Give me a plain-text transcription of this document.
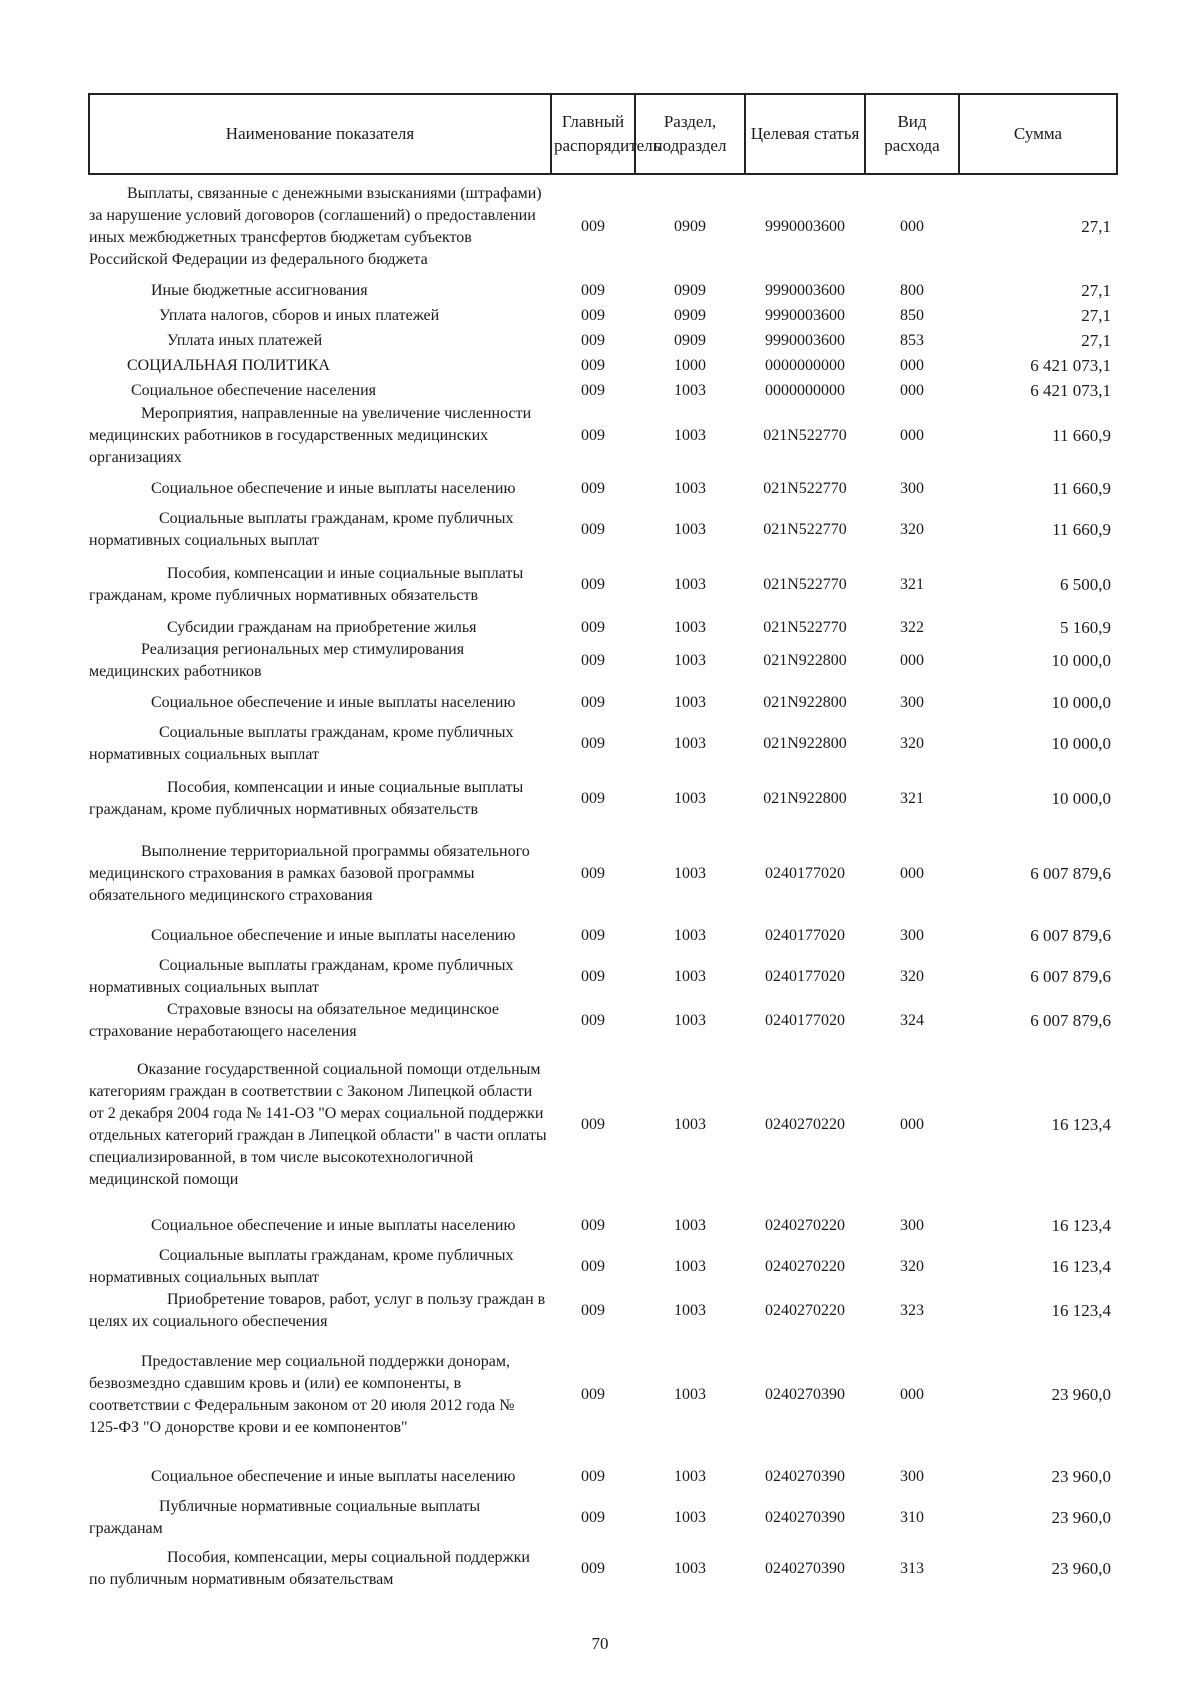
Наименование показателя	Главный распорядитель	Раздел, подраздел	Целевая статья	Вид расхода	Сумма
Выплаты, связанные с денежными взысканиями (штрафами) за нарушение условий договоров (соглашений) о предоставлении иных межбюджетных трансфертов бюджетам субъектов Российской Федерации из федерального бюджета	009	0909	9990003600	000	27,1
Иные бюджетные ассигнования	009	0909	9990003600	800	27,1
Уплата налогов, сборов и иных платежей	009	0909	9990003600	850	27,1
Уплата иных платежей	009	0909	9990003600	853	27,1
СОЦИАЛЬНАЯ ПОЛИТИКА	009	1000	0000000000	000	6 421 073,1
Социальное обеспечение населения	009	1003	0000000000	000	6 421 073,1
Мероприятия, направленные на увеличение численности медицинских работников в государственных медицинских организациях	009	1003	021N522770	000	11 660,9
Социальное обеспечение и иные выплаты населению	009	1003	021N522770	300	11 660,9
Социальные выплаты гражданам, кроме публичных нормативных социальных выплат	009	1003	021N522770	320	11 660,9
Пособия, компенсации и иные социальные выплаты гражданам, кроме публичных нормативных обязательств	009	1003	021N522770	321	6 500,0
Субсидии гражданам на приобретение жилья	009	1003	021N522770	322	5 160,9
Реализация региональных мер стимулирования медицинских работников	009	1003	021N922800	000	10 000,0
Социальное обеспечение и иные выплаты населению	009	1003	021N922800	300	10 000,0
Социальные выплаты гражданам, кроме публичных нормативных социальных выплат	009	1003	021N922800	320	10 000,0
Пособия, компенсации и иные социальные выплаты гражданам, кроме публичных нормативных обязательств	009	1003	021N922800	321	10 000,0
Выполнение территориальной программы обязательного медицинского страхования в рамках базовой программы обязательного медицинского страхования	009	1003	0240177020	000	6 007 879,6
Социальное обеспечение и иные выплаты населению	009	1003	0240177020	300	6 007 879,6
Социальные выплаты гражданам, кроме публичных нормативных социальных выплат	009	1003	0240177020	320	6 007 879,6
Страховые взносы на обязательное медицинское страхование неработающего населения	009	1003	0240177020	324	6 007 879,6
Оказание государственной социальной помощи отдельным категориям граждан в соответствии с Законом Липецкой области от 2 декабря 2004 года № 141-ОЗ "О мерах социальной поддержки отдельных категорий граждан в Липецкой области" в части оплаты специализированной, в том числе высокотехнологичной медицинской помощи	009	1003	0240270220	000	16 123,4
Социальное обеспечение и иные выплаты населению	009	1003	0240270220	300	16 123,4
Социальные выплаты гражданам, кроме публичных нормативных социальных выплат	009	1003	0240270220	320	16 123,4
Приобретение товаров, работ, услуг в пользу граждан в целях их социального обеспечения	009	1003	0240270220	323	16 123,4
Предоставление мер социальной поддержки донорам, безвозмездно сдавшим кровь и (или) ее компоненты, в соответствии с Федеральным законом от 20 июля 2012 года № 125-ФЗ "О донорстве крови и ее компонентов"	009	1003	0240270390	000	23 960,0
Социальное обеспечение и иные выплаты населению	009	1003	0240270390	300	23 960,0
Публичные нормативные социальные выплаты гражданам	009	1003	0240270390	310	23 960,0
Пособия, компенсации, меры социальной поддержки по публичным нормативным обязательствам	009	1003	0240270390	313	23 960,0
70
